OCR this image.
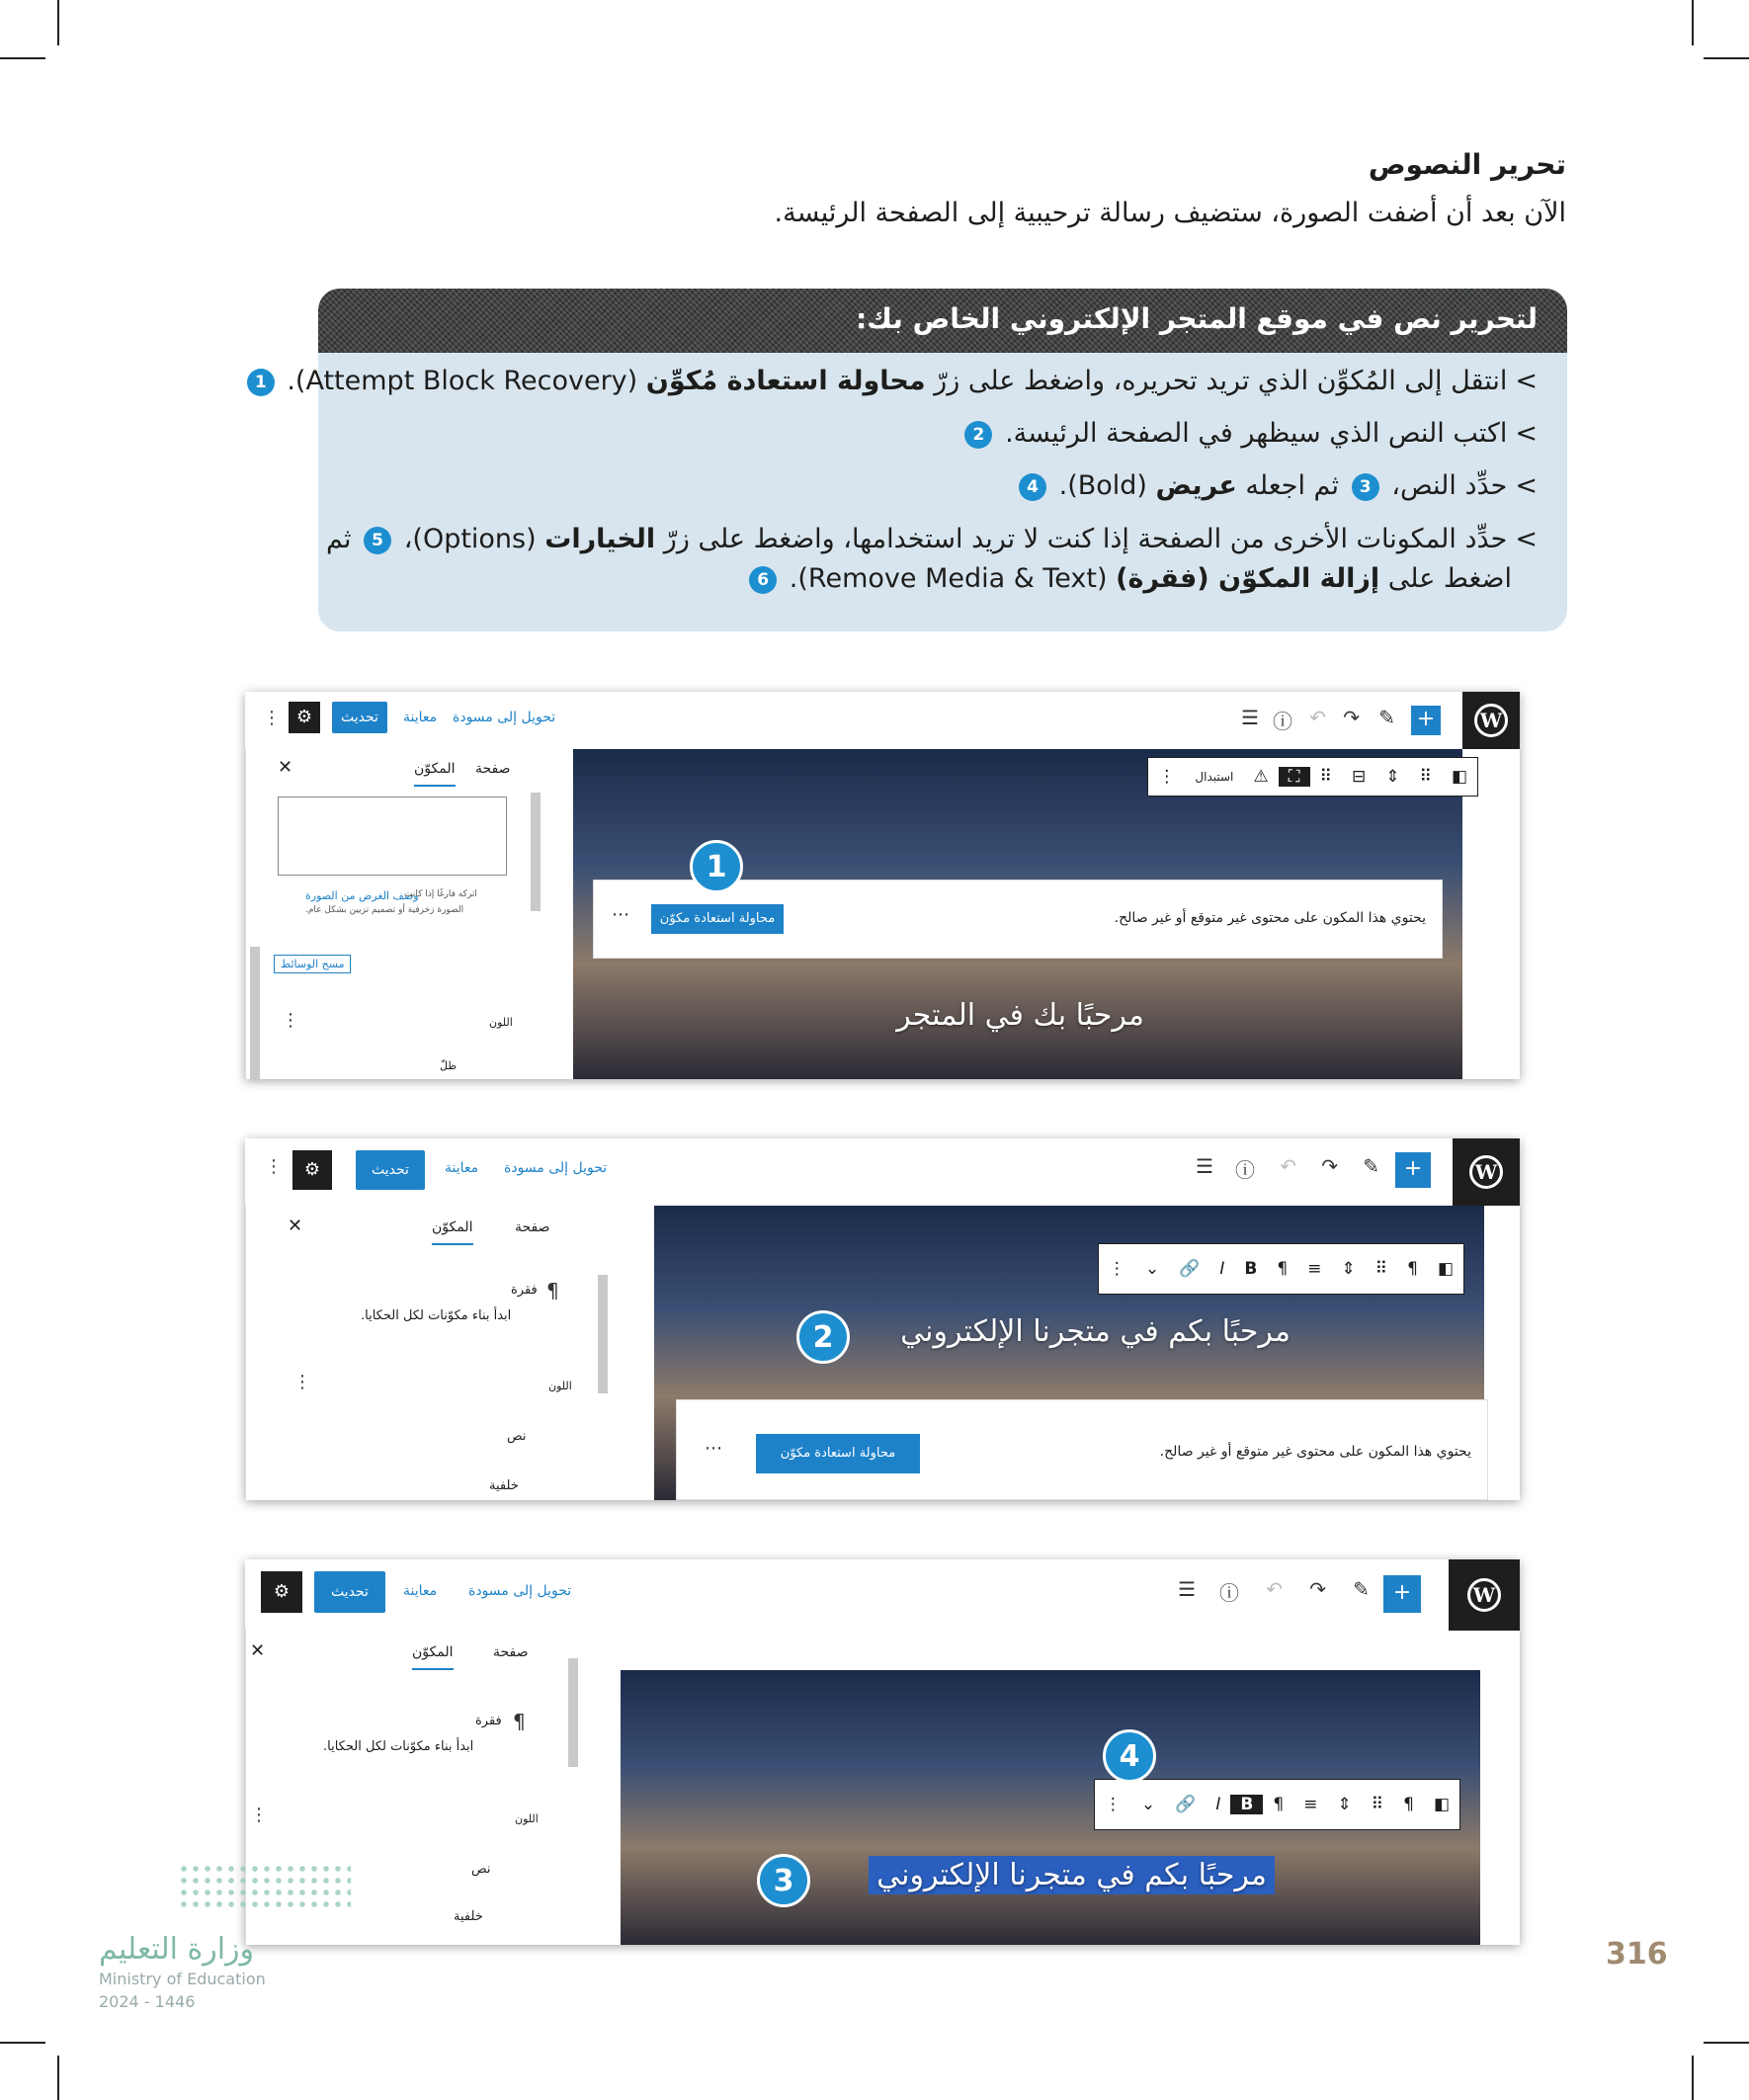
تحرير النصوص
الآن بعد أن أضفت الصورة، ستضيف رسالة ترحيبية إلى الصفحة الرئيسة.
لتحرير نص في موقع المتجر الإلكتروني الخاص بك:
>انتقل إلى المُكوِّن الذي تريد تحريره، واضغط على زرّ محاولة استعادة مُكوِّن (Attempt Block Recovery). 1
>اكتب النص الذي سيظهر في الصفحة الرئيسة. 2
>حدِّد النص، 3 ثم اجعله عريض (Bold). 4
>حدِّد المكونات الأخرى من الصفحة إذا كنت لا تريد استخدامها، واضغط على زرّ الخيارات (Options)، 5 ثم
اضغط على إزالة المكوّن (فقرة) (Remove Media & Text). 6
W
+
✎
↷
↶
ⓘ
☰
⋮ ⚙	تحديث	معاينة تحويل إلى مسودة
✕	المكوّن صفحة
وصف الغرض من الصورة
اتركه فارغًا إذا كانت
الصورة زخرفية أو تصميم تزيين بشكل عام.
مسح الوسائط
⋮	اللون
ظلّ
⋮	استبدال	⚠	⛶	⠿	⊟	⇕	⠿	◧
يحتوي هذا المكون على محتوى غير متوقع أو غير صالح.
محاولة استعادة مكوّن
⋯
مرحبًا بك في المتجر
1
W
+
✎
↷
↶
ⓘ
☰
⋮	⚙	تحديث	معاينة تحويل إلى مسودة
✕	المكوّن	صفحة
فقرة ¶
ابدأ بناء مكوّنات لكل الحكايا.
⋮	اللون
نص
خلفية
⋮	⌄	🔗	I	B	¶	≡	⇕	⠿	¶	◧
مرحبًا بكم في متجرنا الإلكتروني
2
يحتوي هذا المكون على محتوى غير متوقع أو غير صالح.
محاولة استعادة مكوّن
⋯
W
+
✎
↷
↶
ⓘ
☰
⚙	تحديث	معاينة تحويل إلى مسودة
✕	المكوّن	صفحة
فقرة ¶
ابدأ بناء مكوّنات لكل الحكايا.
⋮	اللون
نص
خلفية
⋮	⌄	🔗	I	B	¶	≡	⇕	⠿	¶	◧
4
مرحبًا بكم في متجرنا الإلكتروني
3
وزارة التعليم
Ministry of Education
2024 - 1446
316
